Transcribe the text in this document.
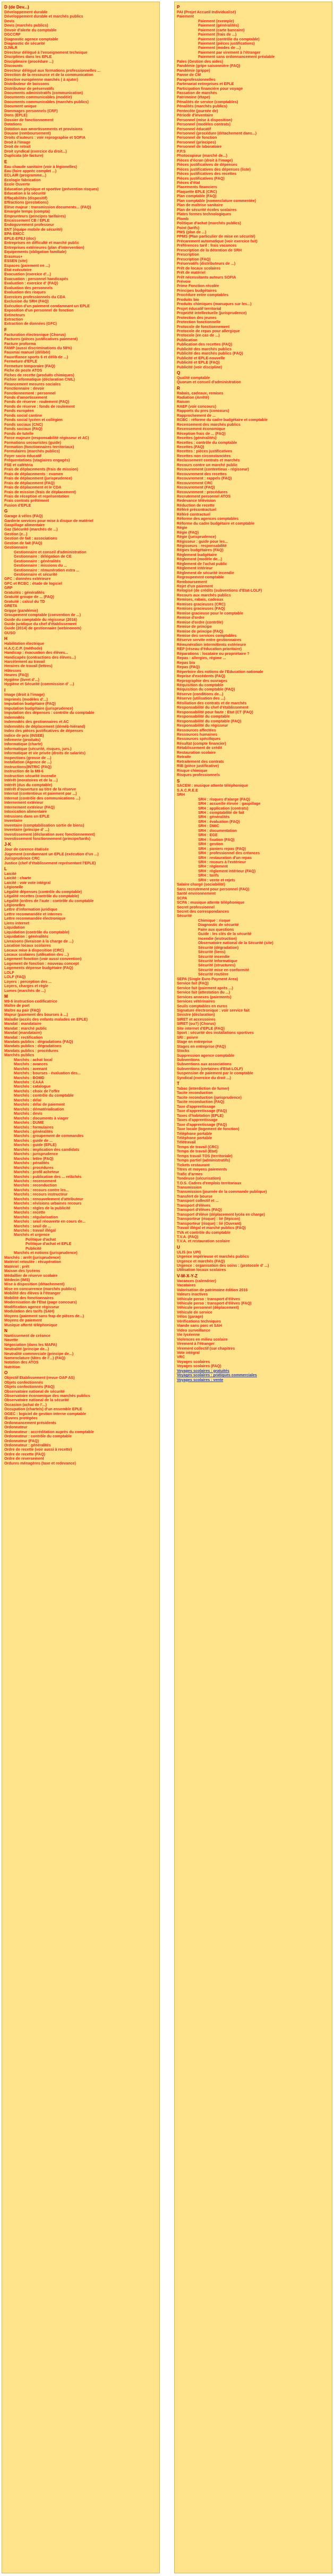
D (de Dev...)
Développement durable
Développement durable et marchés publics
Devis
Devis (marchés publics)
Devoir d'alerte du comptable
DGCCRF
Diagnostic agence comptable
Diagnostic de sécurité
DJMLR
Directeur délégué à l'enseignement technique
Disciplines dans les EPLE
Disciplinaire (procédure ...)
Discounts
Directeur délégué aux formations professionnelles ...
Direction de la ressource et de la communication
Directive européenne marchés ( à ajuter)
Distributeur de boissons
Distributeur de préservatifs
Documents administratifs (communication)
Documents communicables (modèle)
Documents communicables (marchés publics)
Document unique
Dommages personnels (CRF)
Dons (EPLE)
Dossier de fonctionnement
Dotations
Dotation aux amortissements et provisions
Douane (remboursement)
Droits d'auteurs : voir reprographie et SOFIA
Droit à l'image
Droit de retrait
Droit syndical (exercice du droit...)
Duplicata (de facture)
E
Eau chaude sanitaire (voir à légionelles)
Eau (faire appréc complet ...)
ECLAIR (programme...)
Ecologie fabrication
Ecole Ouverte
Education physique et sportive (prévention risques)
Education à la sécurité
Effaçabilités (dispositif)
Effractions (prestations)
Elève majeur : transmission documents... (FAQ)
Emargée temps (compta)
Emprunteurs (principes tarifaires)
Encaissement CB / EPLE
Endoguvrement professeur
ENT (équipe mobile de sécurité)
EPA-EMCC
EPLE-EPEJ (doc)
Entreprises en difficulté et marché public
Entreprises extérieures (plan d'intervention)
Equipements (obligation familiale)
Erasmus+
ESSEN (site)
Espaces (paiement en ...)
Etat exécutoire
Evacuation (exercice d'...)
Evacuation : personnel handicapés
Evaluation : exercice d' (FAQ)
Evaluation des personnels
Evaluation des risques
Exercices professionnels du CDA
Exclusion du SRH (FAQ)
Exécution d'un paiement condamnant un EPLE
Exposition d'un personnel de fonction
Extincteurs
Extraction
Extraction de données (GFC)
F
Facturation électronique (Chorus)
Factures (pièces justificatives paiement)
Facture proforma
FAMP (aussi discriminations du 58%)
Fauxmai manuel (délibér)
Fauxrifiance sports 6 et délib de ...)
Fermeture d'EPLE
Fermeture temporaire (FAQ)
Fiche de poste ATOS
Fiches de recette (produits chimiques)
Fichier informatique (déclaration CNIL)
Financement mesures sociales
Fonctionnaire : devoir
Fonctionnement : personnel
Fonds d'amortissement
Fonds de réserve - roulement (FAQ)
Fonds de réserve : fonds de roulement
Fonds européen
Fonds social cantine
Fonds social lycéen et collégien
Fonds sociaux (CNC)
Fonds sociaux (FAQ)
Fonds de tutelle
Force majeure (responsabilité régisseur et AC)
Formations secouristes (guide)
Formation (fonctionnaires territoriaux)
Formulaires (marchés publics)
Foyer socio éducatif
Fréquentations (stagiaires engagés)
FSE et cafétéria
Frais de déplacements (frais de mission)
Frais de déplacements : examen
Frais de déplacement (jurisprudence)
Frais de déplacement (FAQ)
Frais de déplacement et le CDA
Frais de mission (frais de déplacement)
Frais de réception et représentation
Frais contrats prêtément
Fusion d'EPLE
G
Garage à vélos (FAQ)
Garderie services pour mise à disque de matériel
Gaspillage alimentaire
Gaz (Sécurité (marchés de ...)
Gestion (e...)
Gestion de fait : associations
Gestion de fait (FAQ)
Gestionnaire
Gestionnaire et conseil d'administration
Gestionnaire : délégation de CE
Gestionnaire : généralités
Gestionnaire : missions du ...
Gestionnaire : rémunération extra ...
Gestionnaire et sécurité
GFC : données extérieure
GFC et RCBC : étude de logiciel
GRP
Gratuités : généralités
Gratuité groupe de ... (FAQ)
Gratuité : calcul du TD
GRETA
Grippe (pandémie)
Groupement comptable (convention de ...)
Guide du comptable du régisseur (2016)
Guide juridique du chef d'établissement
Guide (2014) de gestionnaire (webinonom)
GUSO
H
Habilitation électrique
H.A.C.C.P. (méthode)
Handicap : évacuation des élèves...
Handicapés (contractions des élèves...)
Harcèlement au travail
Heraires de travail (lettres)
Hôtesses
Heures (FAQ)
Hygiène (livret d'...)
Hygiène et Sécurité (commission d' ...)
I
Image (droit à l'image)
Imprimés (modèles d'...)
Imputation budgétaire (FAQ)
Imputation budgétaire (jurisprudence)
Imputation des dépenses : contrôle du comptable
Indemnités
Indemnités des gestionnaires et AC
Indemnités de déplacement (déméb-hiérand)
Index des pièces justificatives de dépenses
Indice de prix (INSEE)
Infirmerie (produits)
Informatique (charte)
Informatique (sécurité, risques, jurs.)
Informatique et vie privée (droits de salariés)
Inspections (grosse de ...)
Installation (Agence de ...)
Instructions(INTRIC (FAQ)
Instruction de la M9-6
Instruction sécurité incendie
Intérêt (moratoires et de la ...)
Intérêt (dus du comptable)
Intérêt d'ouverture au titre de la réserve
Internat (contentieux et paiement par ...)
Internat (contrôle des communications ...)
Internement extérieur
Internement extérieur (FAQ)
Intoxication alimentaire
Intrusions dans un EPLE
Inventaire
Inventaire (comptabilisation sortie de biens)
Inventaire (principe d' ...)
Investissement (déclaration avec fonctionnement)
Investissement fonctionnement (principe/tarifs)
J-K
Jour de carence étatisée
Jugement (condamnant un EPLE (exécution d'un ...)
Jurisprudence CRC
Justice (chef d'établissement représentant l'EPLE)
L
Laicité
Laicité : charte
Laicité : voir vote intégral
Légionelle
Légalité dépenses (contrôle du comptable)
Légalité recettes (contrôle du comptable)
Légalité (ordres de l'aute : contrôle du comptable
Légionelles
Lettre d'information juridique
Lettre recommandée et internes
Lettre recommandée électronique
Liens internet
Liquidation
Liquidation (contrôle du comptable)
Liquidation : généralités
Livraisons (livraison à la charge de ...)
Location locaux scolaires
Locaux mise à disposition (CRC)
Locaux scolaires (utilisation des ...)
Logement fonction (voir aussi convention)
Logement de fonction : nouveau concept
Logements dépense budgétaire (FAQ)
LOLF
LOLF (FAQ)
Loyers : perception des ...
Loyers, charges et règle
Lumes (marchés de ...)
M
M9-6 instruction codificatrice
Maître de port
Maître au pair (FAQ)
Majeur (paiement des bourses à ...)
Maladie (accès des enfants malades en EPLE)
Mandat : mandataire
Mandat : marché public
Mandat (mandataire)
Mandat : rectification
Mandats publics : dégradations (FAQ)
Mandats publics : dégradations
Mandats publics : procédures
Marchés publics
Marchés : achat local
Marchés : avances
Marchés : avenant
Marchés : bourses - évaluation des...
Marchés : BOMD
Marchés : CAAA
Marchés : catalogue
Marchés : choix de l'offre
Marchés : contrôle du comptable
Marchés : délai
Marchés : délai de paiement
Marchés : dématérialisation
Marchés : devis
Marchés : documents à viager
Marchés : DUME
Marchés : formulaires
Marchés : généralités
Marchés : groupement de commandes
Marchés : guide de ...
Marchés : guide (EPLE)
Marchés : implication des candidats
Marchés : jurisprudence
Marchés : lettre (FAQ)
Marchés : pénalités
Marchés : procédures
Marchés : profil acheteur
Marchés : publication des ... relâchés
Marchés : recensement
Marchés : reconduction
Marchés : recours contre les...
Marchés : recours instructeur
Marchés : renouvelement d'attributeur
Marchés : révisions urbaines recours
Marchés : règles de la publicité
Marchés : recette
Marchés : régularisation
Marchés : seuil réouverte en cours de...
Marchés : seuil de ...
Marchés : travail illégal
Marchés et urgence
Politique d'achat
Politique d'achat et EPLE
Publicité
Marchés et notions (jurisprudence)
Marchés : arrêt (jurisprudence)
Matériel retoulée : récupération
Matériel : prêt
Maison des lycéens
Médaillier de réserve scolaire
Médecin (IMS)
Mise à disposition (détachement)
Mise en concurrence (marchés publics)
Mobilité des élèves à l'étranger
Mobilité des fonctionnaires
Modernisation de l'Etat (page concours)
Modification agence régisseur
Modulation des tarifs (SAH)
Moyens (paiement sans frap de pièces de...)
Moyens de paiement
Musique afterté téléphonique
N
Nantissement de créance
Navette
Négociation (dans les MAPA)
Neutralité (principe de...)
Neutralité commerciale (principe de...)
Nomenclature (tâtes de l'...) (FAQ)
Notation des ATOS
Nutrition
O
Objectif Établissement (revue OAP AS)
Objets confectionnés
Objets confectionnés (FAQ)
Observatoire national de sécurité
Observatoire économique des marchés publics
Observatoire national de la sécurité
Occasion (achat de l'...)
Occupation (charte/s) d'un ensemble EPLE
OGEC : logiciel de gestion interne comptable
Œuvres protégées
Ordonnancement présidents
Ordonnateur
Ordonnateur : accréditation auprès du comptable
Ordonnateur : contrôle du comptable
Ordonnateur (FAQ)
Ordonnateur : généralités
Ordre de recette (voir aussi à recette)
Ordre de recette (FAQ)
Ordre de reversement
Ordures ménagères (taxe et redevance)
P
PAI (Projet Accueil Individualisé)
Paiement
Paiement (exemple)
Paiement (généralités)
Paiement (carte bancaire)
Paiement (frais de ...)
Paiement (contrôle du comptable)
Paiement (pièces justificatives)
Paiement (modes de ...)
Paiement par virement à l'étranger
Paiement sans ordonnancement préalable
Pales (Gestion des aides)
Pandémie (gripe saisonnière (FAQ)
Pandémie (grippe)
Panne de CM
Paraprofessionnelles
Partenariat entreprises et EPLE
Participation financière pour voyage
Passation de marchés
Patrimoine (étape)
Pénalités de service (comptables)
Pénalités (marchés publics)
Pentecôte (journée de)
Période d'inventaire
Personnel (mise à disposition)
Personnel (modèles contrats)
Personnel éducatif
Personnel (procédure (détachement dans...)
Personnel de fonction
Personnel (principes)
Personnel de laboratoire
P.P.S
Photocopieur (marché de...)
Pièces d'écran (droit à l'image)
Pièces justificatives de dépenses
Pièces justificatives des dépenses (liste)
Pièces justificatives des recettes
Pièces justificatives (FAQ)
Pièces d'état
Placements financiers
Plaquette EPLE (CRC)
Plan comptable (FAQ)
Plan comptable (nomenclature commentée)
Plan de maîtrise sanitaire
Plan de sécurité écoles scolaires
Plates formes technologiques
Plomb
Politique d'achat (marchés publics)
Point (tarifs)
PMS (plan de ...)
PPMS (Plan particulier de mise en sécurité)
Précarement automatique (voir exercice fait)
Préférences tarif : frais vacances
Prescription de la détention de SRH
Prescription
Prescription (FAQ)
Préservatifs (distributeurs de ...)
Prêt de locaux scolaires
Prêt de matériel
Prêt nécessitants auteurs SOFIA
Prévoie
Prime Fonction récolée
Principes budgétaires
Procédure entre comptables
Produits bio
Produits chimiques (manuques sur les...)
Projet éducatif territorial
Propriété intellectuelle (jurisprudence)
Protection des jeunes
Protection fonctionnelle
Protocole de fonctionnement
Protocole de repas pour allergique
Protocole (en cas de ...)
Publication
Publication des recettes (FAQ)
Publicité des marchés publics
Publicité des marchés publics (FAQ)
Publicité et EPLE-nouvelle
Publicité et EPLE (FAQ)
Publicité (voir discipline)
Q
Qualité comptable
Quorum et conseil d'administration
R
Rabais, cadeaux, remises
Radiation (Arrêté)
Raison
RAEP (voir concours)
Rapports du pres (concours)
Rapprochement de ...
RCBC : réforme du cadre budgétaire et comptable
Recensement des marchés publics
Recensement économique
Réception frais de ... (FAQ)
Recettes (généralités)
Recettes : contrôle du comptable
Recettes (FAQ)
Recettes : pièces justificatives
Recettes non circonstanciées
Reclassement contrats et marchés
Recours contre un marché public
Recouvrement (contentieux - régisseur)
Recouvrement des recettes
Recouvrement : rappels (FAQ)
Recouvrement CRC
Recouvrement (FAQ)
Recouvrement : procédures
Recrutement personnel ATOS
Redevance télévision
Réduction de recette
Référé précontractuel
Référé contractuel
Réforme des agences comptables
Réforme du cadre budgétaire et comptable
Régie
Régie (FAQ)
Régie (jurisprudence)
Régisseur : guide pour les...
Régisseurs : responsabilité
Régies budgétaires (FAQ)
Règlement budgétaire
Règlement (modèle de...)
Règlement de l'achat public
Règlement intérieur
Règlement de sécurité incendie
Regroupement comptable
Remboursement
Rejet d'un paiement
Relogisé (de crédits (subventions d'Etat-LOLF)
Recours aux marchés publics
Remises, rabais, cadeaux
Remises gracieuses (CRC)
Remises gracieuses (FAQ)
Remise gracieuse pour le comptable
Remise d'ordre
Remise d'ordre (contrôle)
Remise de principe
Remise de principe (FAQ)
Remise des services comptables
Réserve servite entre gestionnaires
Rémunération intermittents extérieure
RÉP (réseau d'éducation prioritaire)
Réparations : locataire ou propriétaire ?
Repas : allergies, régime ...
Repas bio
Repas (FAQ)
Répertoire des notions de l'Education nationale
Reprise d'excédents (FAQ)
Reprographie des ouvrages
Réquisition du comptable
Réquisition du comptable (FAQ)
Réserve (conditions de...)
Réserve (utilisation des ...)
Résiliation des contrats et de marchés
Responsabilité du chef d'établissement
Responsabilité pour faute : Etat (CT (FAQ)
Responsabilité du comptable
Responsabilité du comptable (FAQ)
Responsabilité du régisseur
Ressources affectées
Ressources humaines
Ressources spécifiques
Résultat (compte financier)
Rétablissement de crédit
Restauration scolaire
Retraite
Retraitement des contrats
RIB (pièce justificative)
Risque chimique
Risques professionnels
S
SACEM : musique attente téléphonique
S.A.C.R.E.E
SRH
SRH : risques d'alarge (FAQ)
SRH : accueille élevée : gaspillage
SRH : application (contrats)
SRH : comptabilité de fait
SRH : généralités
SRH : évaluation (FAQ)
SRH : DMIC
SRH : documentation
SRH : EGE
SRH : fixation (FAQ)
SRH : gestion
SRH : paniers repas (FAQ)
SRH : professionnel des créances
SRH : restauration d'un repas
SRH : recours à l'extérieur
SRH : règlement
SRH : règlement intérieur (FAQ)
SRH : tarifs
SRH : vente et rejets
Salaire chargé (sociabilité)
Sans recrutement pour personnel (FAQ)
Santé environnement
SCPA
SCPA : musique attente téléphonique
Secret professionnel
Secret des correspondances
Sécurité
Chimique : risque
Diagnostic de sécurité
Faire aux questions
Guide : les clés de la sécurité
Incendie (instruction)
Observatoire national de la Sécurité (site)
Sécurité (dégradation)
Sécurité (liens)
Sécurité incendie
Sécurité Informatique
Sécurité (structures)
Sécurité mise en conformité
Sécurité routière
SEPA (Single Euro Payment Area)
Service fait (FAQ)
Service fait (paiement après ...)
Service fait (attestation du ...)
Services annexes (paiements)
Services vétérinaires
Seuils comptables en euros
Signature électronique : voir service fait
Sinistre (déclaration)
SIRET et accessoires
SIRET (ou?) (Chorus)
Site internet d'EPLE (FAQ)
Sport : sécurité des installations sportives
SRI : poivre
Stage en entreprise
Stages en entreprise (FAQ)
Stocks
Suppression agence comptable
Subventions
Subventions aux associations
Subventions (certaines d'Etat-LOLF)
Suspension de paiement par le comptable
Syndical (exercice du droit ...)
T
Tabac (interdiction de fumer)
Tacite reconduction
Tacite reconduction (jurisprudence)
Tacite reconduction (FAQ)
Taxe d'apprentissage
Taxe d'apprentissage (FAQ)
Taxes d'habitation (EPLE)
Taxes d'apprentissage
Taxe d'apprentissage (FAQ)
Taxe locale (logement de fonction)
Téléphone portable
Téléphone portable
Télétravail
Temps de travail (CRC)
Temps de travail (Etat)
Temps travail TOS (territoriale)
Temps partiel (administratifs)
Tickets restaurant
Titres et moyens paiements
Trafic d'armes
Tondeuse (sécurisation)
T.O.S. Cadres d'emplois territoriaux
Transmission
Transmission (journée de la commande publique)
Transfert de bourse
Transport collectif et ...
Transport d'élèves
Transport d'élèves (FAQ)
Transport d'élève (déplacement lycéa en charge)
Transporteur (risque) : lié (lépicon)
Transporteur (risque) : lié (Ouvrant)
Travail illégal et marché publics (FAQ)
TVA et contrôle du comptable
T.V.A. (FAQ)
T.V.A. et restauration scolaire
U
ULIS (ex UPI)
Urgence impérieuse et marchés publics
Urgence et marchés (FAQ)
Urgence : organisation des soins : (protocole d' ...)
Utilisation locaux scolaires
V-W-X-Y-Z
Vacances (calendrier)
Vacataires
Valorisation de patrimoine édition 2016
Valeurs inactives
Véhicule perso : transport d'élèves
Véhicule perso : transport d'élèves (FAQ)
Véhicule personnel (déplacement)
Véhicule de service
Vélos (garage)
Vérifications techniques
Viande sans porc et SAH
Video surveillance
Vie lycéenne
Violences en milieu scolaire
Virement à l'étranger
Virement collectif (sur chapitres
Vote intégral
VRC
Voyages scolaires
Voyages scolaires (FAQ)
Voyages scolaires : gratuités
Voyages scolaires : pratiques commerciales
Voyages scolaires : vente
